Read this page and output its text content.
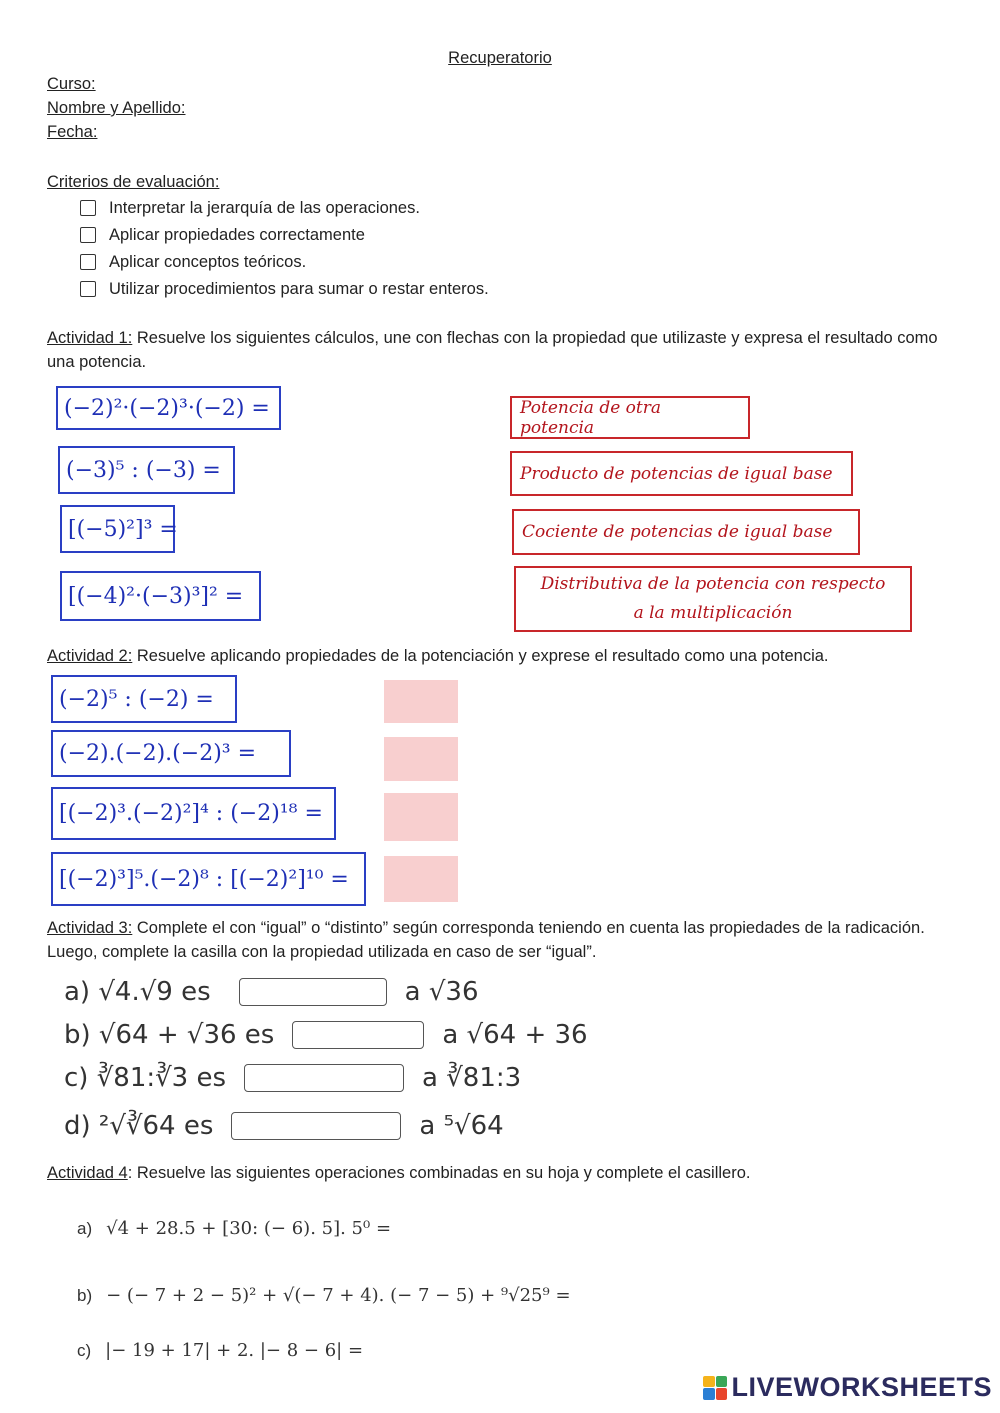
Recuperatorio
Curso:
Nombre y Apellido:
Fecha:
Criterios de evaluación:
Interpretar la jerarquía de las operaciones.
Aplicar propiedades correctamente
Aplicar conceptos teóricos.
Utilizar procedimientos para sumar o restar enteros.
Actividad 1: Resuelve los siguientes cálculos, une con flechas con la propiedad que utilizaste y expresa el resultado como una potencia.
(−2)²·(−2)³·(−2) =
(−3)⁵ : (−3) =
[(−5)²]³ =
[(−4)²·(−3)³]² =
Potencia de otra potencia
Producto de potencias de igual base
Cociente de potencias de igual base
Distributiva de la potencia con respecto
a la multiplicación
Actividad 2: Resuelve aplicando propiedades de la potenciación y exprese el resultado como una potencia.
(−2)⁵ : (−2) =
(−2).(−2).(−2)³ =
[(−2)³.(−2)²]⁴ : (−2)¹⁸ =
[(−2)³]⁵.(−2)⁸ : [(−2)²]¹⁰ =
Actividad 3: Complete el con “igual” o “distinto” según corresponda teniendo en cuenta las propiedades de la radicación. Luego, complete la casilla con la propiedad utilizada en caso de ser “igual”.
a) √4.√9 es	a √36
b) √64 + √36 es	a √64 + 36
c) ∛81:∛3 es	a ∛81:3
d) ²√∛64 es	a ⁵√64
Actividad 4: Resuelve las siguientes operaciones combinadas en su hoja y complete el casillero.
a) √4 + 28.5 + [30: (− 6). 5]. 5⁰ =
b) − (− 7 + 2 − 5)² + √(− 7 + 4). (− 7 − 5) + ⁹√25⁹ =
c) |− 19 + 17| + 2. |− 8 − 6| =
LIVEWORKSHEETS
